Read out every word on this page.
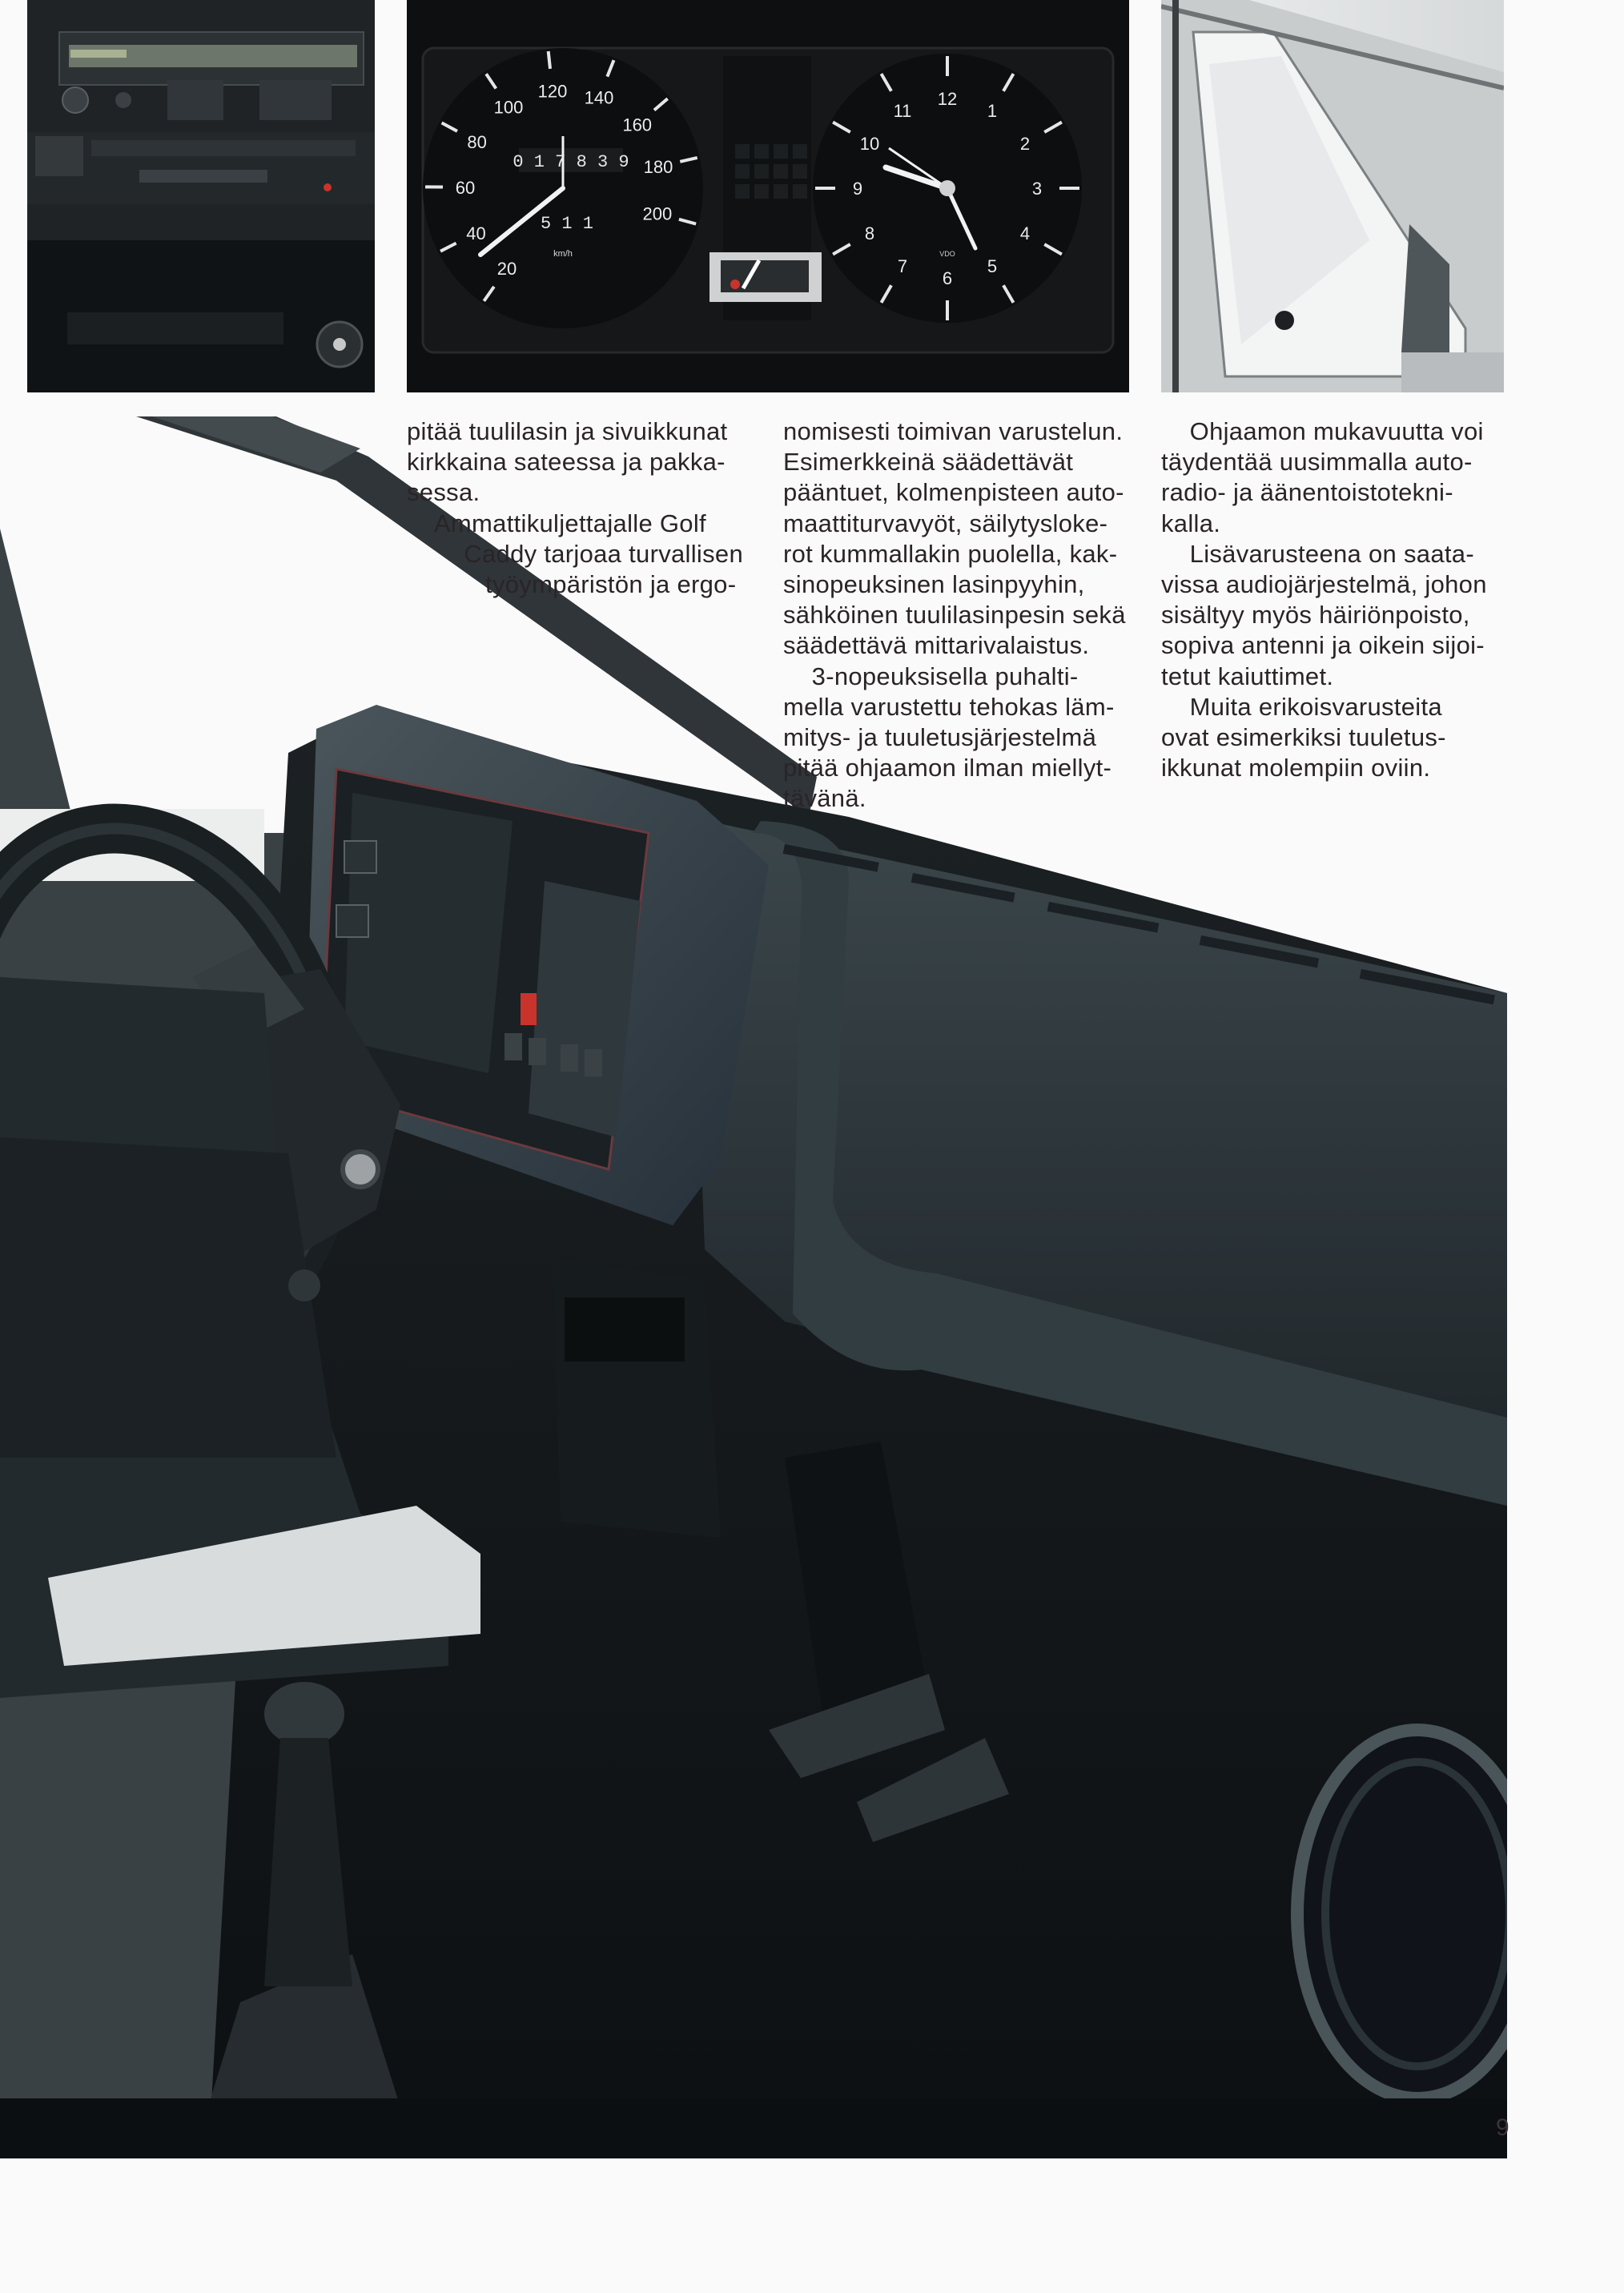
20
40
60
80
100
120 140
160
180
200
0 1 7 8 3 9
5 1 1
km/h
12
1
2
3
4
5
6
7
8
9
10
11
VDO

pitää tuulilasin ja sivuikkunat

kirkkaina sateessa ja pakka-

sessa.

Ammattikuljettajalle Golf

Caddy tarjoaa turvallisen

työympäristön ja ergo-

nomisesti toimivan varustelun.

Esimerkkeinä säädettävät

pääntuet, kolmenpisteen auto-

maattiturvavyöt, säilytysloke-

rot kummallakin puolella, kak-

sinopeuksinen lasinpyyhin,

sähköinen tuulilasinpesin sekä

säädettävä mittarivalaistus.

3-nopeuksisella puhalti-

mella varustettu tehokas läm-

mitys- ja tuuletusjärjestelmä

pitää ohjaamon ilman miellyt-

tävänä.

Ohjaamon mukavuutta voi

täydentää uusimmalla auto-

radio- ja äänentoistotekni-

kalla.

Lisävarusteena on saata-

vissa audiojärjestelmä, johon

sisältyy myös häiriönpoisto,

sopiva antenni ja oikein sijoi-

tetut kaiuttimet.

Muita erikoisvarusteita

ovat esimerkiksi tuuletus-

ikkunat molempiin oviin.

9
